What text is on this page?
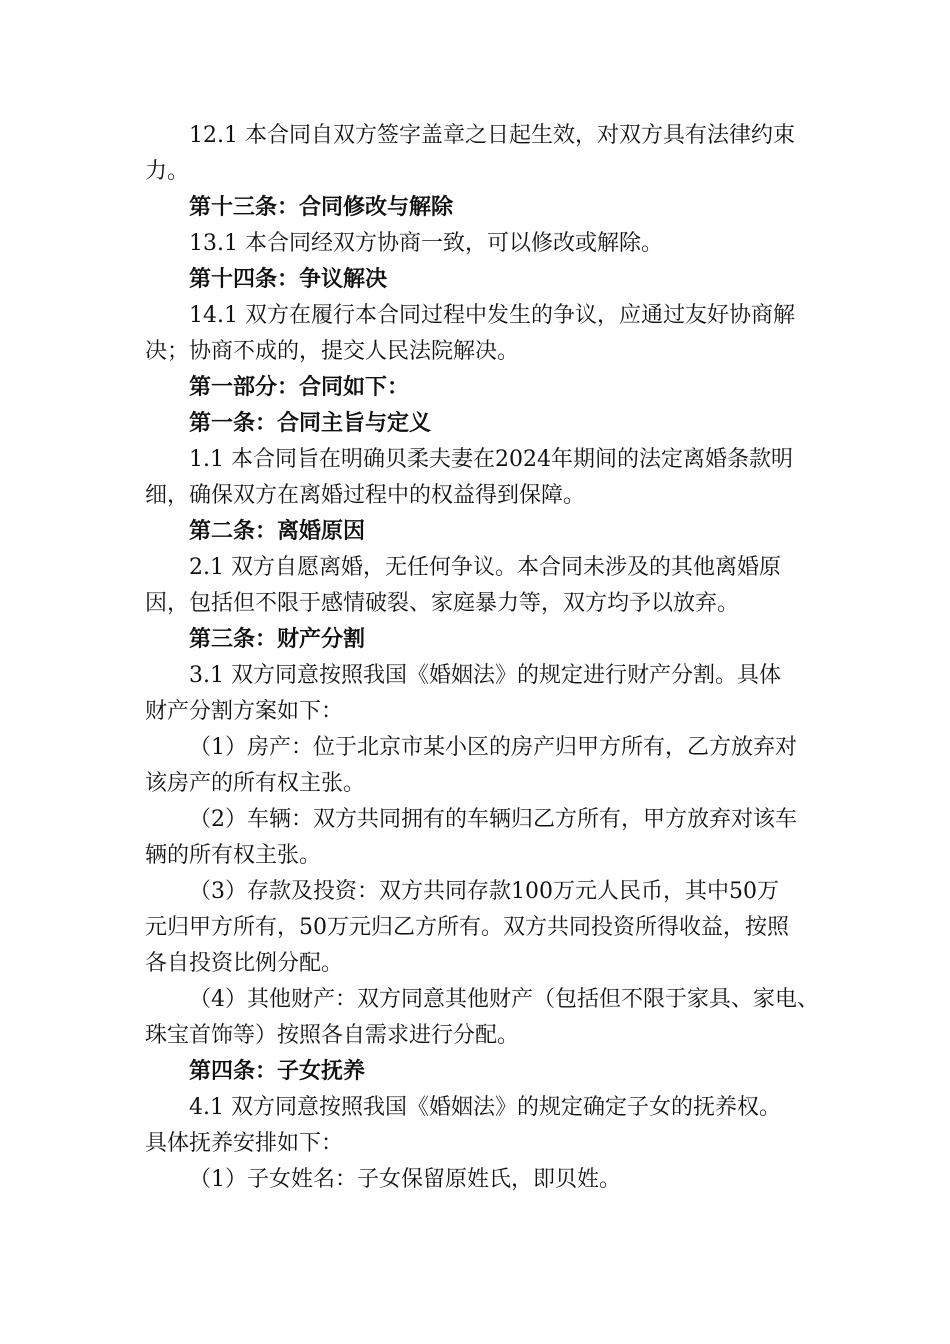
12.1 本合同自双方签字盖章之日起生效，对双方具有法律约束

力。

第十三条：合同修改与解除

13.1 本合同经双方协商一致，可以修改或解除。

第十四条：争议解决

14.1 双方在履行本合同过程中发生的争议，应通过友好协商解

决；协商不成的，提交人民法院解决。

第一部分：合同如下：

第一条：合同主旨与定义

1.1 本合同旨在明确贝柔夫妻在2024年期间的法定离婚条款明

细，确保双方在离婚过程中的权益得到保障。

第二条：离婚原因

2.1 双方自愿离婚，无任何争议。本合同未涉及的其他离婚原

因，包括但不限于感情破裂、家庭暴力等，双方均予以放弃。

第三条：财产分割

3.1 双方同意按照我国《婚姻法》的规定进行财产分割。具体

财产分割方案如下：

（1）房产：位于北京市某小区的房产归甲方所有，乙方放弃对

该房产的所有权主张。

（2）车辆：双方共同拥有的车辆归乙方所有，甲方放弃对该车

辆的所有权主张。

（3）存款及投资：双方共同存款100万元人民币，其中50万

元归甲方所有，50万元归乙方所有。双方共同投资所得收益，按照

各自投资比例分配。

（4）其他财产：双方同意其他财产（包括但不限于家具、家电、

珠宝首饰等）按照各自需求进行分配。

第四条：子女抚养

4.1 双方同意按照我国《婚姻法》的规定确定子女的抚养权。

具体抚养安排如下：

（1）子女姓名：子女保留原姓氏，即贝姓。
